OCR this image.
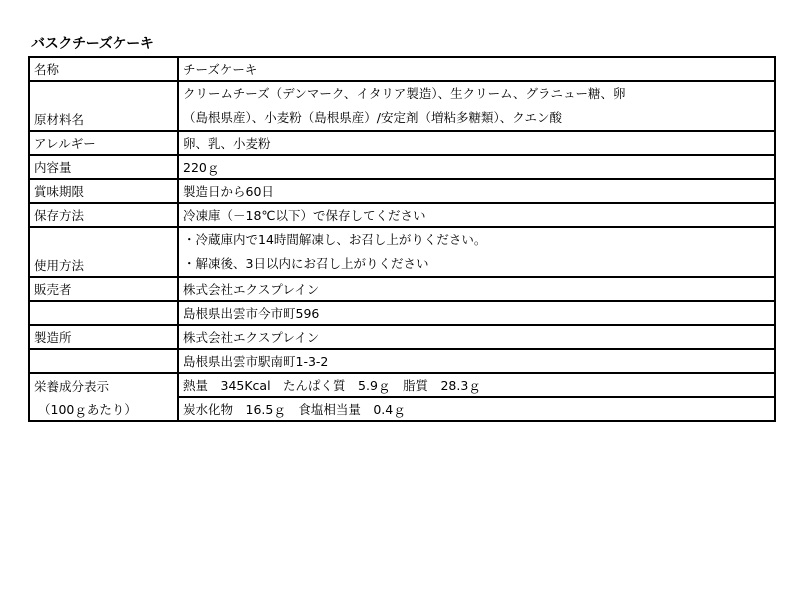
バスクチーズケーキ
名称	チーズケーキ
原材料名	クリームチーズ（デンマーク、イタリア製造）、生クリーム、グラニュー糖、卵
（島根県産）、小麦粉（島根県産）/安定剤（増粘多糖類）、クエン酸

アレルギー	卵、乳、小麦粉
内容量	220ｇ
賞味期限	製造日から60日
保存方法	冷凍庫（－18℃以下）で保存してください
使用方法	・冷蔵庫内で14時間解凍し、お召し上がりください。
・解凍後、3日以内にお召し上がりください

販売者	株式会社エクスプレイン
	島根県出雲市今市町596
製造所	株式会社エクスプレイン
	島根県出雲市駅南町1-3-2
栄養成分表示	熱量　345Kcal　たんぱく質　5.9ｇ　脂質　28.3ｇ
（100ｇあたり）	炭水化物　16.5ｇ　食塩相当量　0.4ｇ
